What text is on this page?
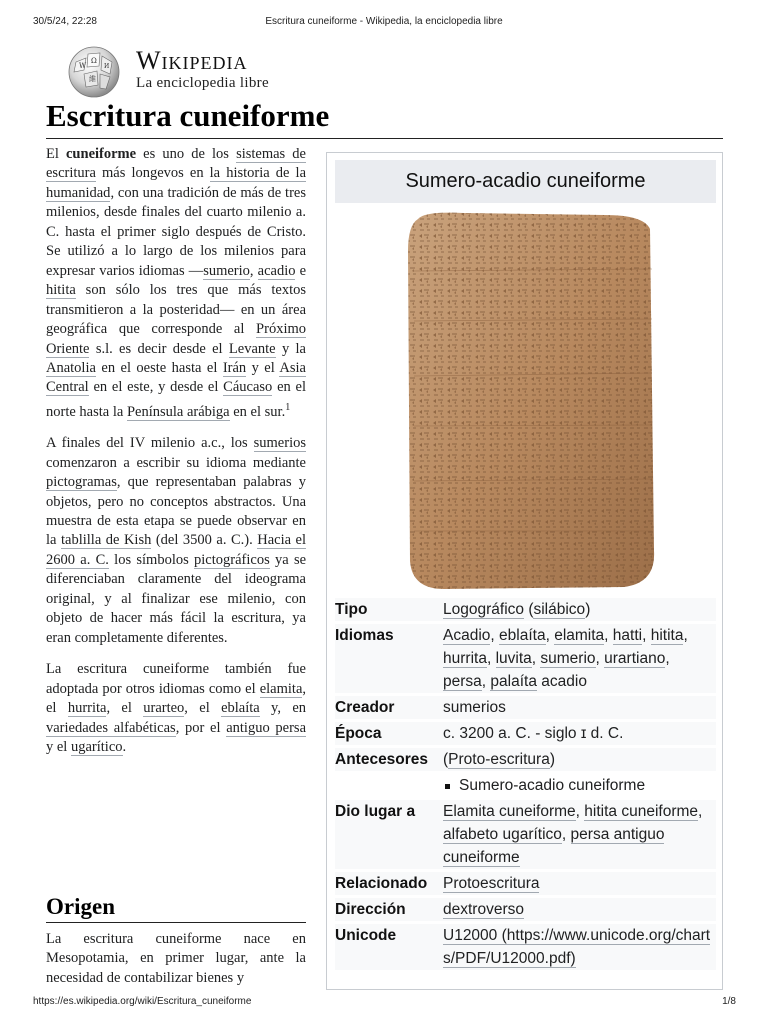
30/5/24, 22:28	Escritura cuneiforme - Wikipedia, la enciclopedia libre
W
Ω
И
維
Wikipedia
La enciclopedia libre
Escritura cuneiforme

El cuneiforme es uno de los sistemas de escritura más longevos en la historia de la humanidad, con una tradición de más de tres milenios, desde finales del cuarto milenio a. C. hasta el primer siglo después de Cristo. Se utilizó a lo largo de los milenios para expresar varios idiomas —sumerio, acadio e hitita son sólo los tres que más textos transmitieron a la posteridad— en un área geográfica que corresponde al Próximo Oriente s.l. es decir desde el Levante y la Anatolia en el oeste hasta el Irán y el Asia Central en el este, y desde el Cáucaso en el norte hasta la Península arábiga en el sur.$^1$

A finales del IV milenio a.c., los sumerios comenzaron a escribir su idioma mediante pictogramas, que representaban palabras y objetos, pero no conceptos abstractos. Una muestra de esta etapa se puede observar en la tablilla de Kish (del 3500 a. C.). Hacia el 2600 a. C. los símbolos pictográficos ya se diferenciaban claramente del ideograma original, y al finalizar ese milenio, con objeto de hacer más fácil la escritura, ya eran completamente diferentes.

La escritura cuneiforme también fue adoptada por otros idiomas como el elamita, el hurrita, el urarteo, el eblaíta y, en variedades alfabéticas, por el antiguo persa y el ugarítico.

Origen
La escritura cuneiforme nace en Mesopotamia, en primer lugar, ante la necesidad de contabilizar bienes y
Sumero-acadio cuneiforme
Tipo	Logográfico (silábico)
Idiomas	Acadio, eblaíta, elamita, hatti, hitita, hurrita, luvita, sumerio, urartiano, persa, palaíta acadio
Creador	sumerios
Época	c. 3200 a. C. - siglo ɪ d. C.
Antecesores (Proto-escritura)
Sumero-acadio cuneiforme
Dio lugar a	Elamita cuneiforme, hitita cuneiforme, alfabeto ugarítico, persa antiguo cuneiforme
Relacionado	Protoescritura
Dirección	dextroverso
Unicode	U12000 (https://www.unicode.org/charts/PDF/U12000.pdf)
https://es.wikipedia.org/wiki/Escritura_cuneiforme	1/8
